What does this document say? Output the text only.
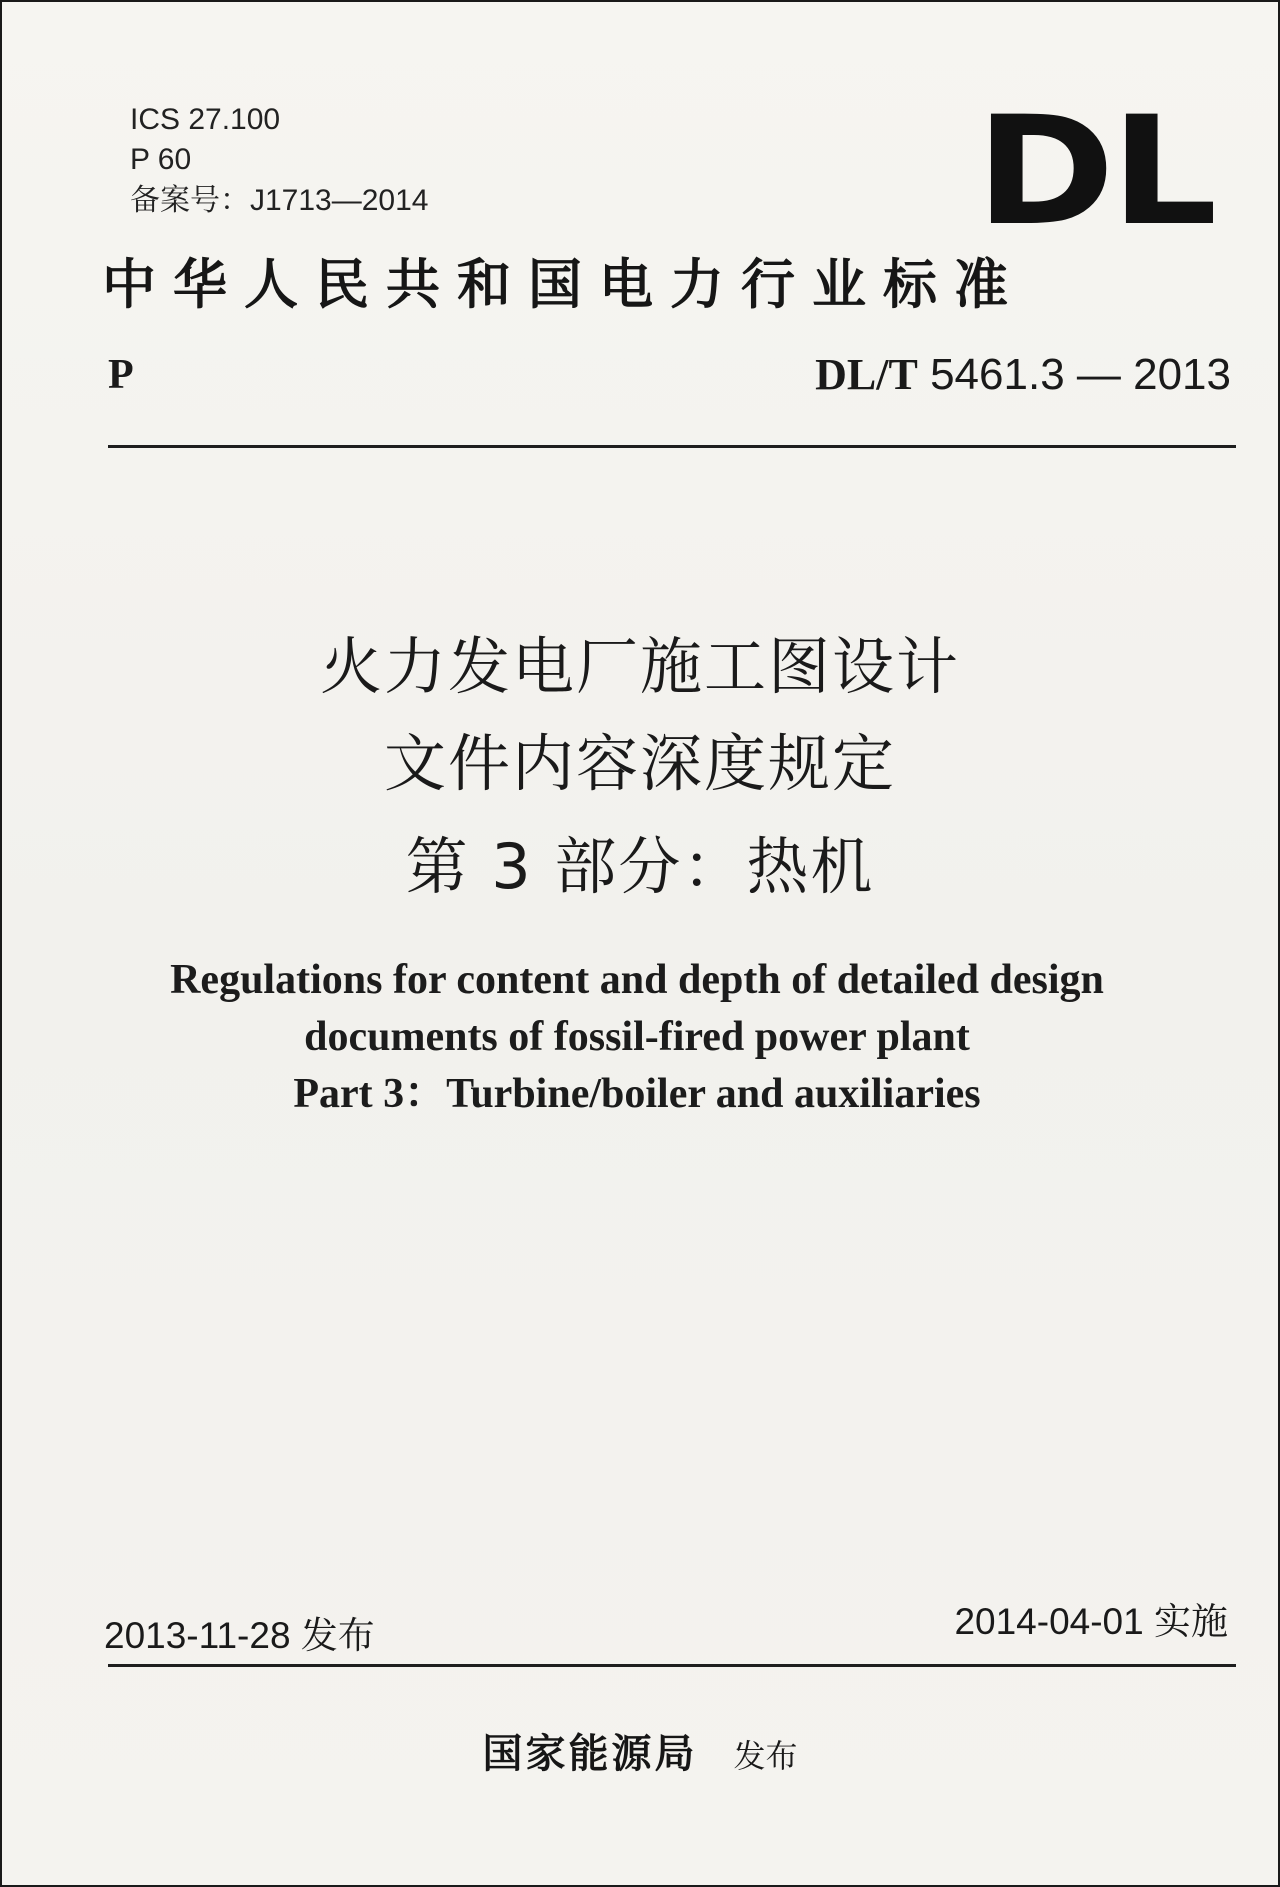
ICS 27.100
P 60
备案号：J1713—2014	DL
中华人民共和国电力行业标准
P	DL/T 5461.3 — 2013
火力发电厂施工图设计
文件内容深度规定
第 3 部分：热机
Regulations for content and depth of detailed design
documents of fossil-fired power plant
Part 3：Turbine/boiler and auxiliaries
2013-11-28 发布	2014-04-01 实施
国家能源局 发布
